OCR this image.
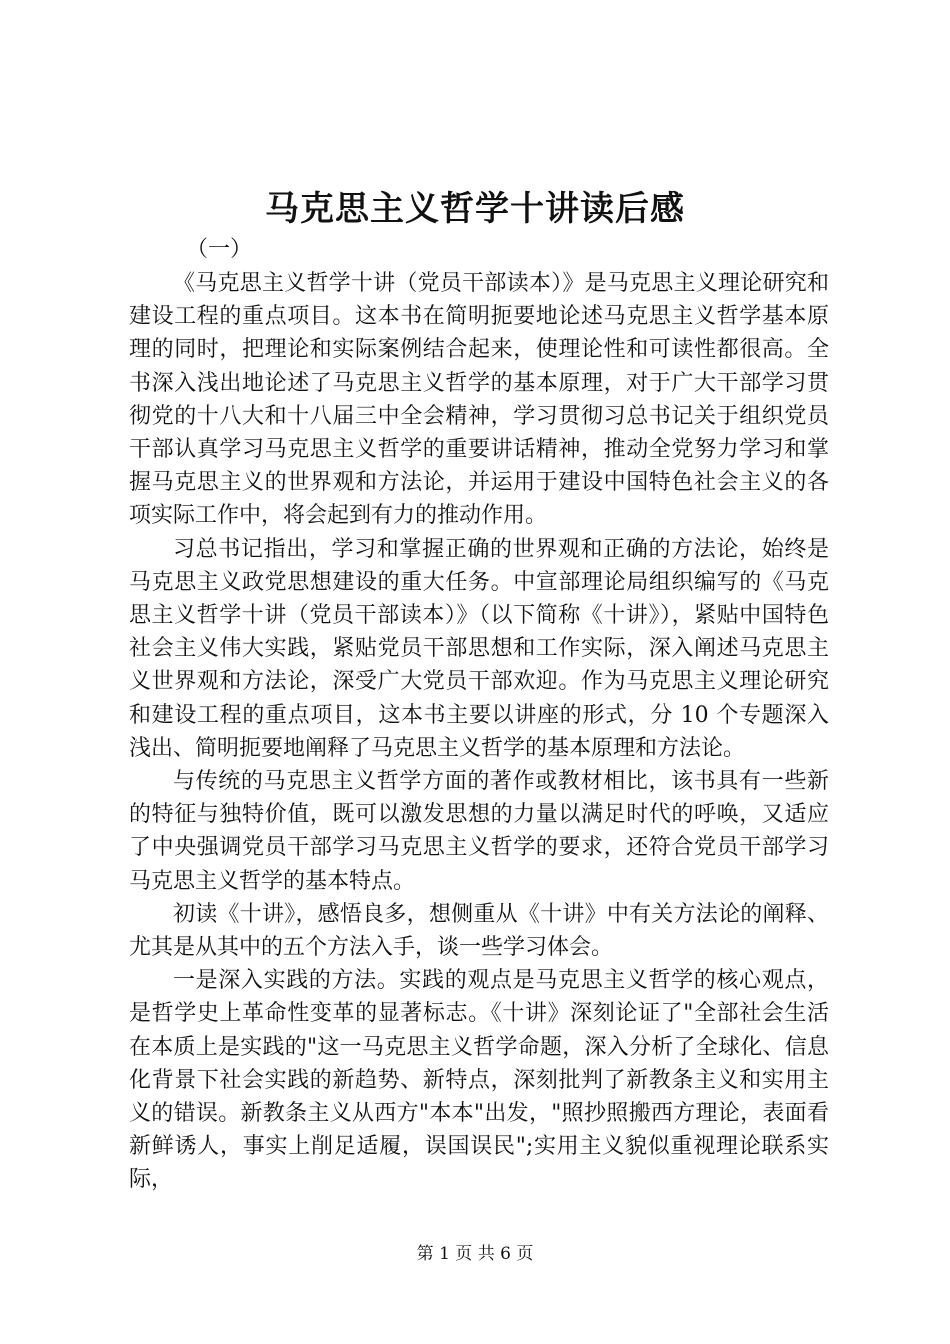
马克思主义哲学十讲读后感

（一）

《马克思主义哲学十讲（党员干部读本）》是马克思主义理论研究和建设工程的重点项目。这本书在简明扼要地论述马克思主义哲学基本原理的同时，把理论和实际案例结合起来，使理论性和可读性都很高。全书深入浅出地论述了马克思主义哲学的基本原理，对于广大干部学习贯彻党的十八大和十八届三中全会精神，学习贯彻习总书记关于组织党员干部认真学习马克思主义哲学的重要讲话精神，推动全党努力学习和掌握马克思主义的世界观和方法论，并运用于建设中国特色社会主义的各项实际工作中，将会起到有力的推动作用。

习总书记指出，学习和掌握正确的世界观和正确的方法论，始终是马克思主义政党思想建设的重大任务。中宣部理论局组织编写的《马克思主义哲学十讲（党员干部读本）》（以下简称《十讲》），紧贴中国特色社会主义伟大实践，紧贴党员干部思想和工作实际，深入阐述马克思主义世界观和方法论，深受广大党员干部欢迎。作为马克思主义理论研究和建设工程的重点项目，这本书主要以讲座的形式，分 10 个专题深入浅出、简明扼要地阐释了马克思主义哲学的基本原理和方法论。

与传统的马克思主义哲学方面的著作或教材相比，该书具有一些新的特征与独特价值，既可以激发思想的力量以满足时代的呼唤，又适应了中央强调党员干部学习马克思主义哲学的要求，还符合党员干部学习马克思主义哲学的基本特点。

初读《十讲》，感悟良多，想侧重从《十讲》中有关方法论的阐释、尤其是从其中的五个方法入手，谈一些学习体会。

一是深入实践的方法。实践的观点是马克思主义哲学的核心观点，是哲学史上革命性变革的显著标志。《十讲》深刻论证了"全部社会生活在本质上是实践的"这一马克思主义哲学命题，深入分析了全球化、信息化背景下社会实践的新趋势、新特点，深刻批判了新教条主义和实用主义的错误。新教条主义从西方"本本"出发，"照抄照搬西方理论，表面看新鲜诱人，事实上削足适履，误国误民";实用主义貌似重视理论联系实际，

第 1 页 共 6 页
